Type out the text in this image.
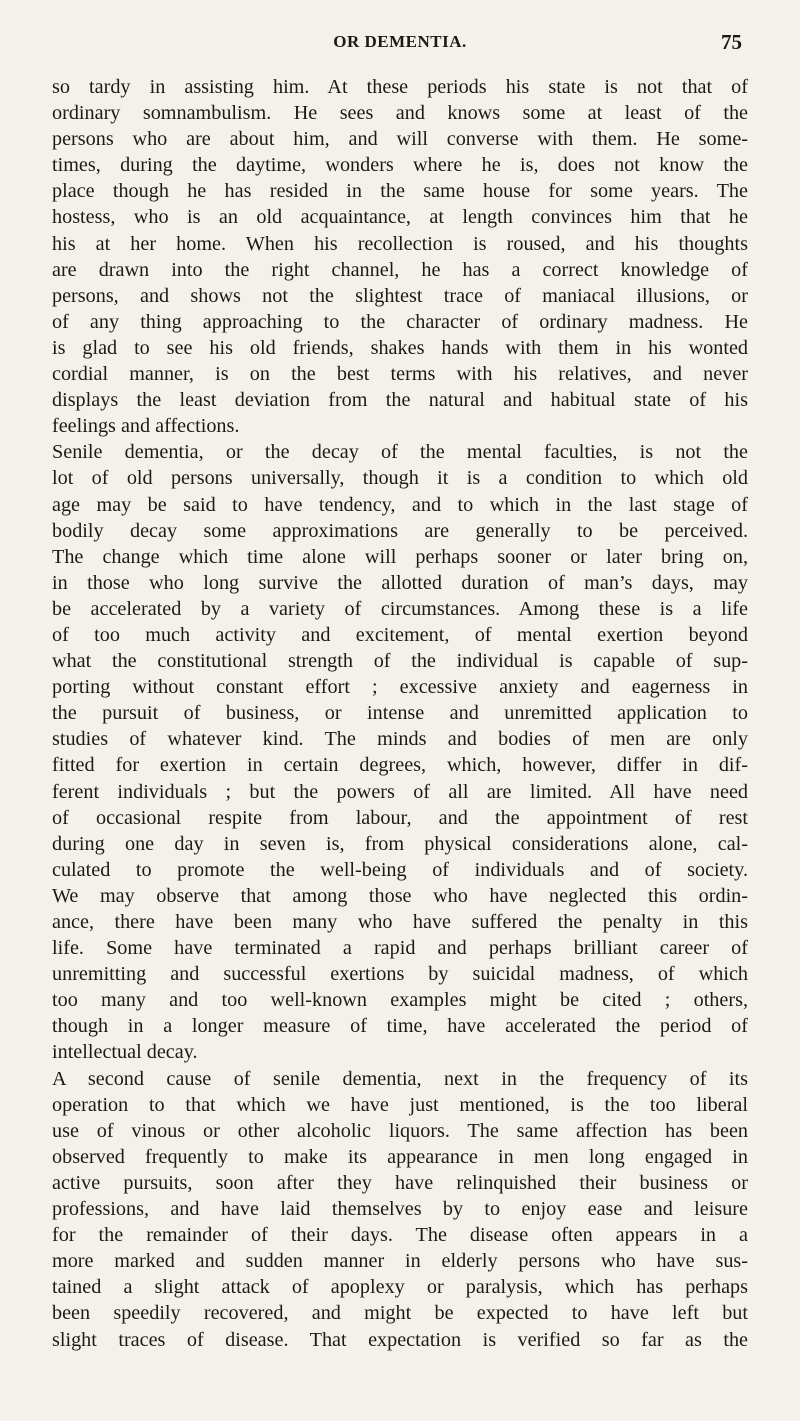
OR DEMENTIA.	75
so tardy in assisting him. At these periods his state is not that of
ordinary somnambulism. He sees and knows some at least of the
persons who are about him, and will converse with them. He some-
times, during the daytime, wonders where he is, does not know the
place though he has resided in the same house for some years. The
hostess, who is an old acquaintance, at length convinces him that he
his at her home. When his recollection is roused, and his thoughts
are drawn into the right channel, he has a correct knowledge of
persons, and shows not the slightest trace of maniacal illusions, or
of any thing approaching to the character of ordinary madness. He
is glad to see his old friends, shakes hands with them in his wonted
cordial manner, is on the best terms with his relatives, and never
displays the least deviation from the natural and habitual state of his
feelings and affections.
Senile dementia, or the decay of the mental faculties, is not the
lot of old persons universally, though it is a condition to which old
age may be said to have tendency, and to which in the last stage of
bodily decay some approximations are generally to be perceived.
The change which time alone will perhaps sooner or later bring on,
in those who long survive the allotted duration of man’s days, may
be accelerated by a variety of circumstances. Among these is a life
of too much activity and excitement, of mental exertion beyond
what the constitutional strength of the individual is capable of sup-
porting without constant effort ; excessive anxiety and eagerness in
the pursuit of business, or intense and unremitted application to
studies of whatever kind. The minds and bodies of men are only
fitted for exertion in certain degrees, which, however, differ in dif-
ferent individuals ; but the powers of all are limited. All have need
of occasional respite from labour, and the appointment of rest
during one day in seven is, from physical considerations alone, cal-
culated to promote the well-being of individuals and of society.
We may observe that among those who have neglected this ordin-
ance, there have been many who have suffered the penalty in this
life. Some have terminated a rapid and perhaps brilliant career of
unremitting and successful exertions by suicidal madness, of which
too many and too well-known examples might be cited ; others,
though in a longer measure of time, have accelerated the period of
intellectual decay.
A second cause of senile dementia, next in the frequency of its
operation to that which we have just mentioned, is the too liberal
use of vinous or other alcoholic liquors. The same affection has been
observed frequently to make its appearance in men long engaged in
active pursuits, soon after they have relinquished their business or
professions, and have laid themselves by to enjoy ease and leisure
for the remainder of their days. The disease often appears in a
more marked and sudden manner in elderly persons who have sus-
tained a slight attack of apoplexy or paralysis, which has perhaps
been speedily recovered, and might be expected to have left but
slight traces of disease. That expectation is verified so far as the
